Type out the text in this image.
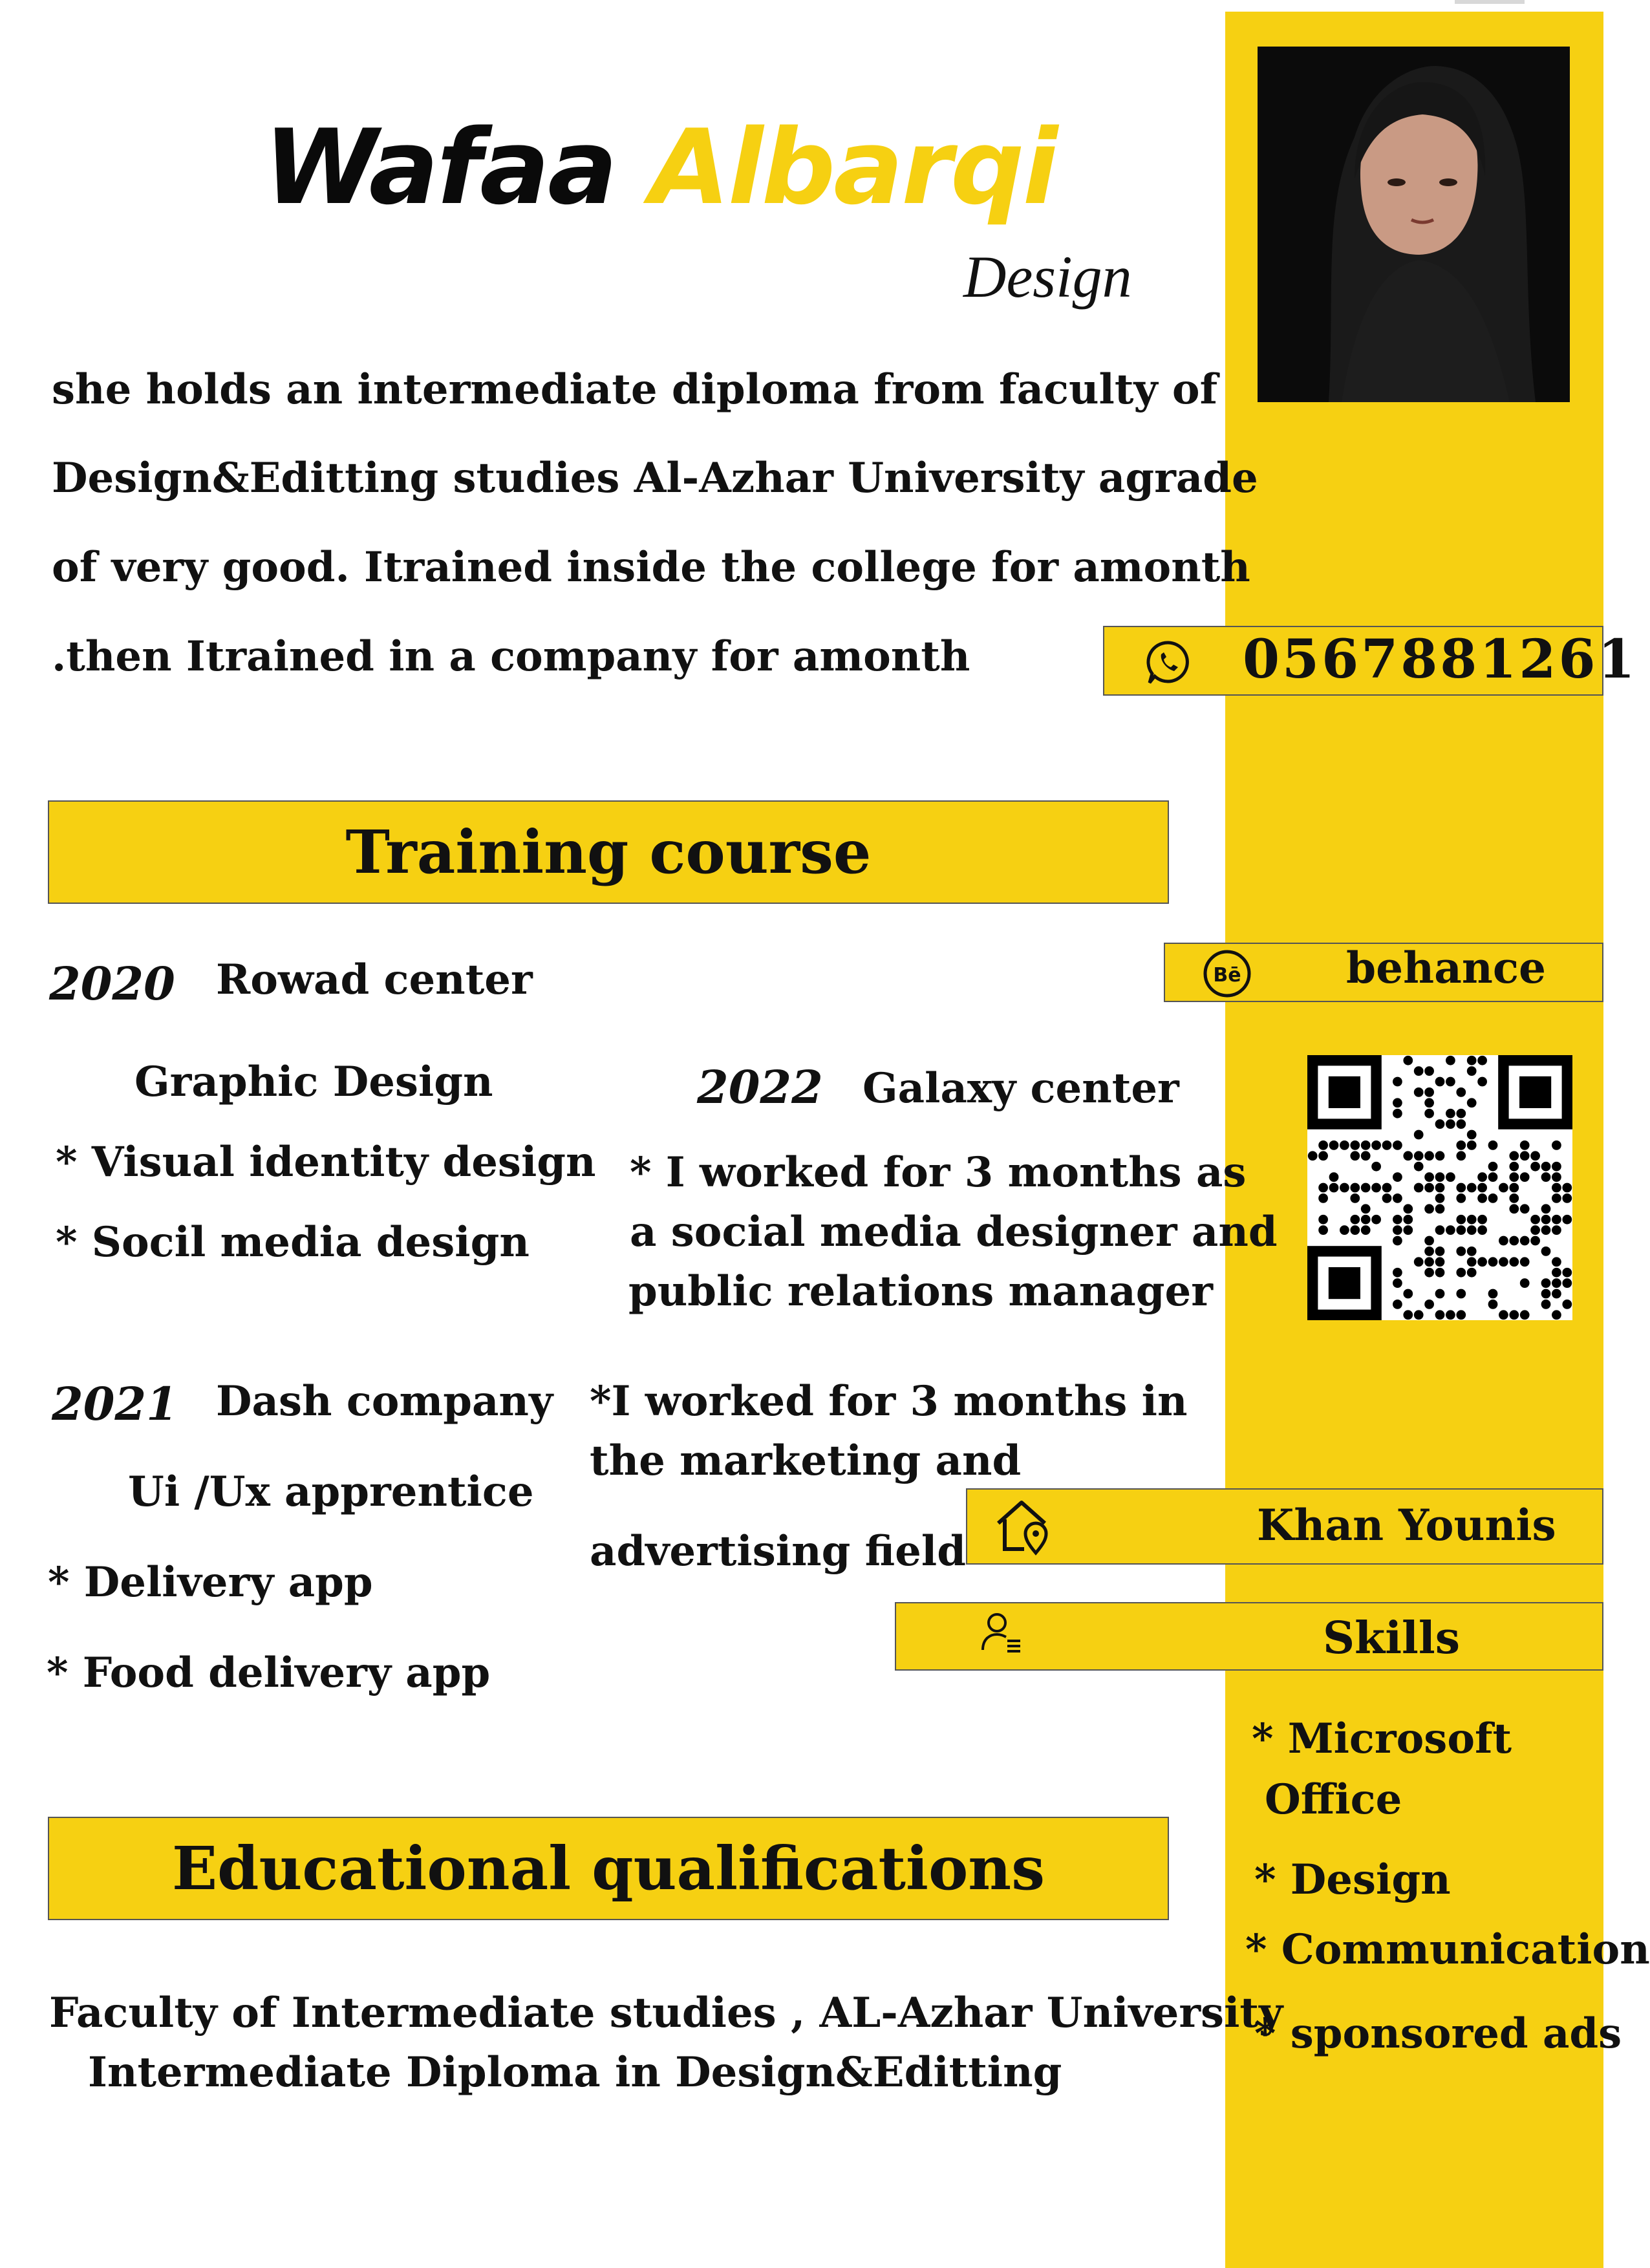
Wafaa Albarqi
Design
she holds an intermediate diploma from faculty of
Design&Editting studies Al-Azhar University agrade
of very good. Itrained inside the college for amonth
.then Itrained in a company for amonth	0567881261
Training course
2020 Rowad center
Graphic Design
* Visual identity design
* Socil media design
2022 Galaxy center
* I worked for 3 months as
a social media designer and
public relations manager
Bē behance
2021 Dash company
Ui /Ux apprentice
* Delivery app
* Food delivery app
*I worked for 3 months in
the marketing and
advertising field
Khan Younis
Skills
* Microsoft
Office
* Design
* Communication
* sponsored ads
Educational qualifications
Faculty of Intermediate studies , AL-Azhar University
Intermediate Diploma in Design&Editting
